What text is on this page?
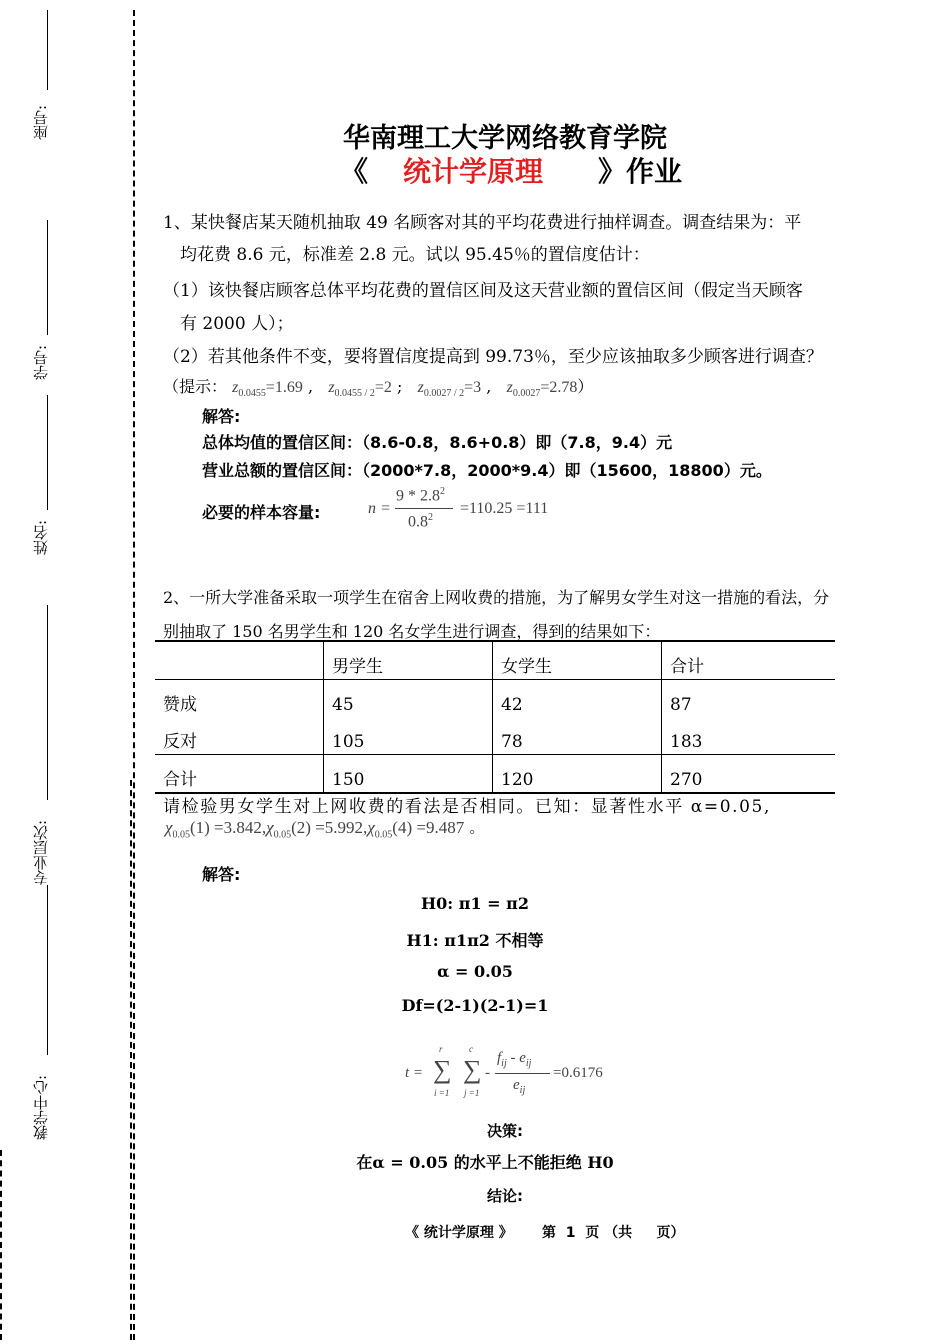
座号:
学号:
姓名:
专业层次:
教学中心:
华南理工大学网络教育学院
《 统计学原理 》作业
1、某快餐店某天随机抽取 49 名顾客对其的平均花费进行抽样调查。调查结果为：平
均花费 8.6 元，标准差 2.8 元。试以 95.45％的置信度估计：
（1）该快餐店顾客总体平均花费的置信区间及这天营业额的置信区间（假定当天顾客
有 2000 人）；
（2）若其他条件不变，要将置信度提高到 99.73％，至少应该抽取多少顾客进行调查？
（提示： $z_{0.0455}=1.69$ ,   $z_{0.0455 / 2}=2$ ;   $z_{0.0027 / 2}=3$ ,   $z_{0.0027}=2.78$）
解答:
总体均值的置信区间：（8.6-0.8，8.6+0.8）即（7.8，9.4）元
营业总额的置信区间：（2000*7.8，2000*9.4）即（15600，18800）元。
必要的样本容量:	n =
$9 * 2.8^2$
$0.8^2$
=110.25 =111
2、一所大学准备采取一项学生在宿舍上网收费的措施，为了解男女学生对这一措施的看法，分
别抽取了 150 名男学生和 120 名女学生进行调查，得到的结果如下：
	男学生	女学生	合计
赞成	45	42	87
反对	105	78	183
合计	150	120	270
请检验男女学生对上网收费的看法是否相同。已知：显著性水平 α=0.05,
$\chi_{0.05}(1) =3.842,\chi_{0.05}(2) =5.992,\chi_{0.05}(4) =9.487$ 。
解答:
H0: π1 = π2
H1: π1π2 不相等
α = 0.05
Df=(2-1)(2-1)=1
t = ∑
r
i =1
∑
c
j =1
-
$f_{ij} - e_{ij}$
$e_{ij}$
=0.6176
决策:
在α = 0.05 的水平上不能拒绝 H0
结论:
《 统计学原理 》      第  1  页 （共     页）
